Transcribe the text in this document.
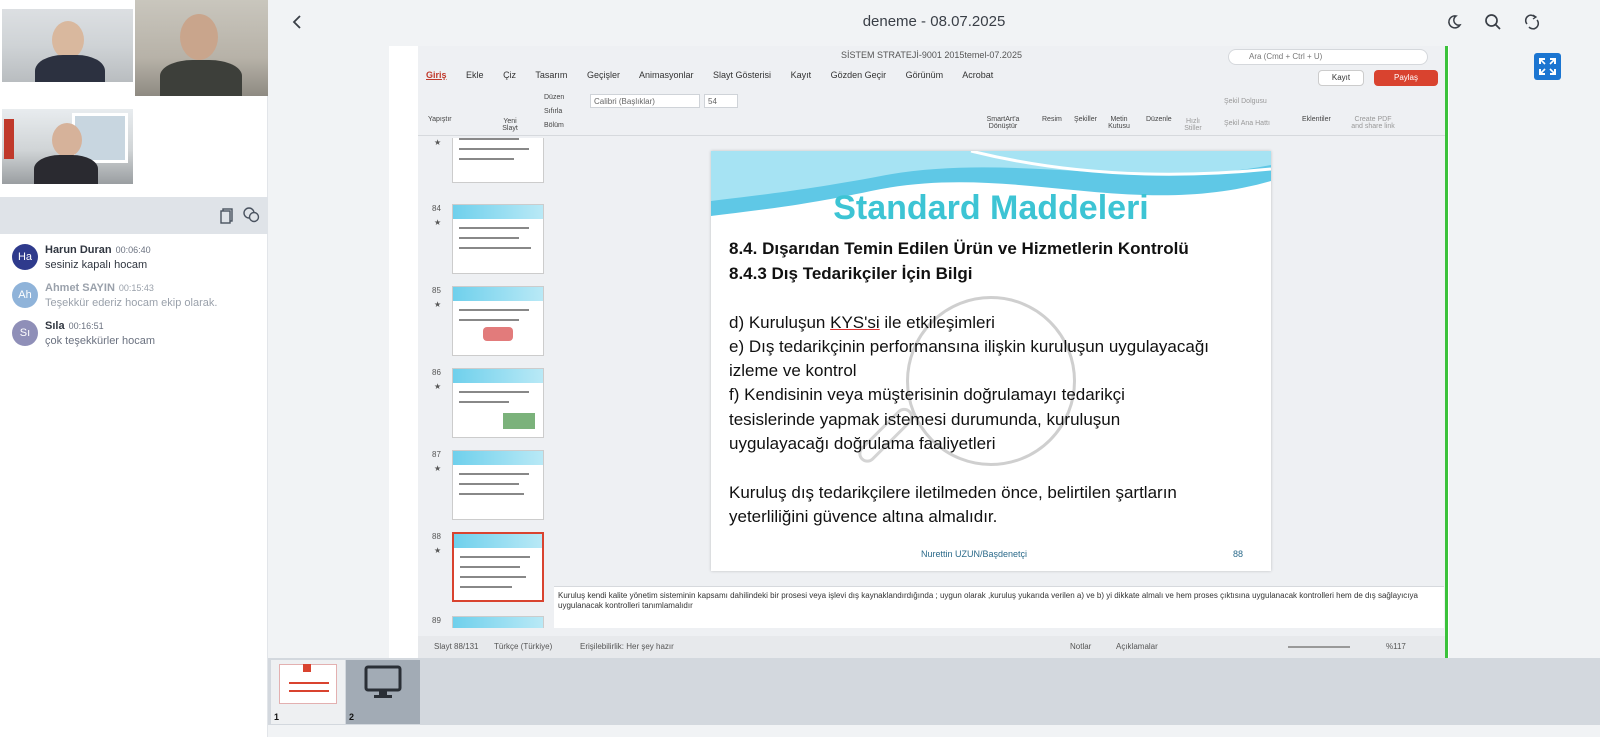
Ha
Harun Duran 00:06:40
sesiniz kapalı hocam
Ah
Ahmet SAYIN 00:15:43
Teşekkür ederiz hocam ekip olarak.
Sı
Sıla 00:16:51
çok teşekkürler hocam
deneme - 08.07.2025
SİSTEM STRATEJİ-9001 2015temel-07.2025	Ara (Cmd + Ctrl + U)
Giriş Ekle Çiz Tasarım Geçişler Animasyonlar Slayt Gösterisi Kayıt Gözden Geçir Görünüm Acrobat	Kayıt	Paylaş
Yapıştır	Yeni Slayt
Düzen
Sıfırla
Bölüm
Calibri (Başlıklar)	54
SmartArt'a Dönüştür
Resim Şekiller	Metin Kutusu
Düzenle	Hızlı Stiller
Şekil Dolgusu
Şekil Ana Hattı
Eklentiler	Create PDF and share link
★
84
★
85
★
86
★
87
★
88
★
89
Standard Maddeleri
8.4. Dışarıdan Temin Edilen Ürün ve Hizmetlerin Kontrolü
8.4.3 Dış Tedarikçiler İçin Bilgi
d) Kuruluşun KYS'si ile etkileşimleri
e) Dış tedarikçinin performansına ilişkin kuruluşun uygulayacağı
izleme ve kontrol
f) Kendisinin veya müşterisinin doğrulamayı tedarikçi
tesislerinde yapmak istemesi durumunda, kuruluşun
uygulayacağı doğrulama faaliyetleri
Kuruluş dış tedarikçilere iletilmeden önce, belirtilen şartların
yeterliliğini güvence altına almalıdır.
Nurettin UZUN/Başdenetçi	88
Kuruluş kendi kalite yönetim sisteminin kapsamı dahilindeki bir prosesi veya işlevi dış kaynaklandırdığında ; uygun olarak ,kuruluş yukarıda verilen a) ve b) yi dikkate almalı ve hem proses çıktısına uygulanacak kontrolleri hem de dış sağlayıcıya uygulanacak kontrolleri tanımlamalıdır
Slayt 88/131 Türkçe (Türkiye)	Erişilebilirlik: Her şey hazır	Notlar	Açıklamalar	%117
1	2
